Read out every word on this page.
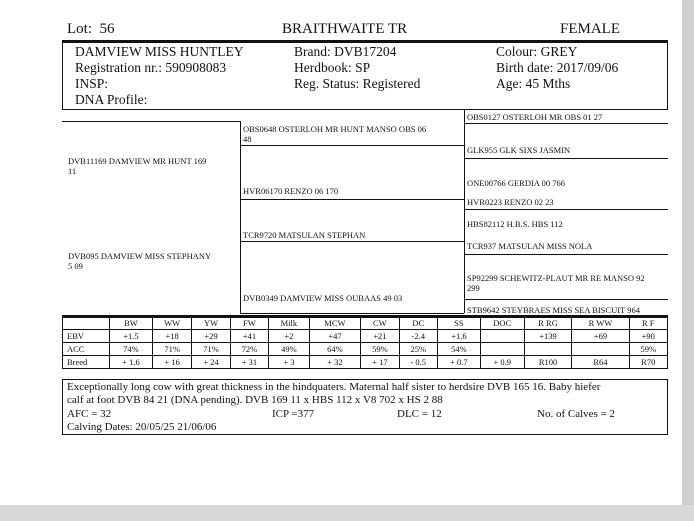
Lot: 56	BRAITHWAITE TR	FEMALE
DAMVIEW MISS HUNTLEY
Registration nr.: 590908083
INSP:
DNA Profile:
Brand: DVB17204
Herdbook: SP
Reg. Status: Registered
Colour: GREY
Birth date: 2017/09/06
Age: 45 Mths
DVB11169 DAMVIEW MR HUNT 169
11
DVB095 DAMVIEW MISS STEPHANY
5 09
OBS0648 OSTERLOH MR HUNT MANSO OBS 06
48
HVR06170 RENZO 06 170
TCR9720 MATSULAN STEPHAN
DVB0349 DAMVIEW MISS OUBAAS 49 03
OBS0127 OSTERLOH MR OBS 01 27
GLK955 GLK SIXS JASMIN
ONE00766 GERDIA 00 766
HVR0223 RENZO 02 23
HBS82112 H.B.S. HBS 112
TCR937 MATSULAN MISS NOLA
SP92299 SCHEWITZ-PLAUT MR RE MANSO 92
299
STB9642 STEYBRAES MISS SEA BISCUIT 964
	BW	WW	YW	FW	Milk	MCW	CW	DC	SS	DOC	R RG	R WW	R F
EBV	+1.5	+18	+29	+41	+2	+47	+21	-2.4	+1.6		+139	+69	+90
ACC	74%	71%	71%	72%	49%	64%	59%	25%	54%				59%
Breed	+ 1.6	+ 16	+ 24	+ 31	+ 3	+ 32	+ 17	- 0.5	+ 0.7	+ 0.9	R100	R64	R70
Exceptionally long cow with great thickness in the hindquaters. Maternal half sister to herdsire DVB 165 16. Baby hiefer
calf at foot DVB 84 21 (DNA pending). DVB 169 11 x HBS 112 x V8 702 x HS 2 88
AFC = 32	ICP =377	DLC = 12	No. of Calves = 2
Calving Dates: 20/05/25 21/06/06
